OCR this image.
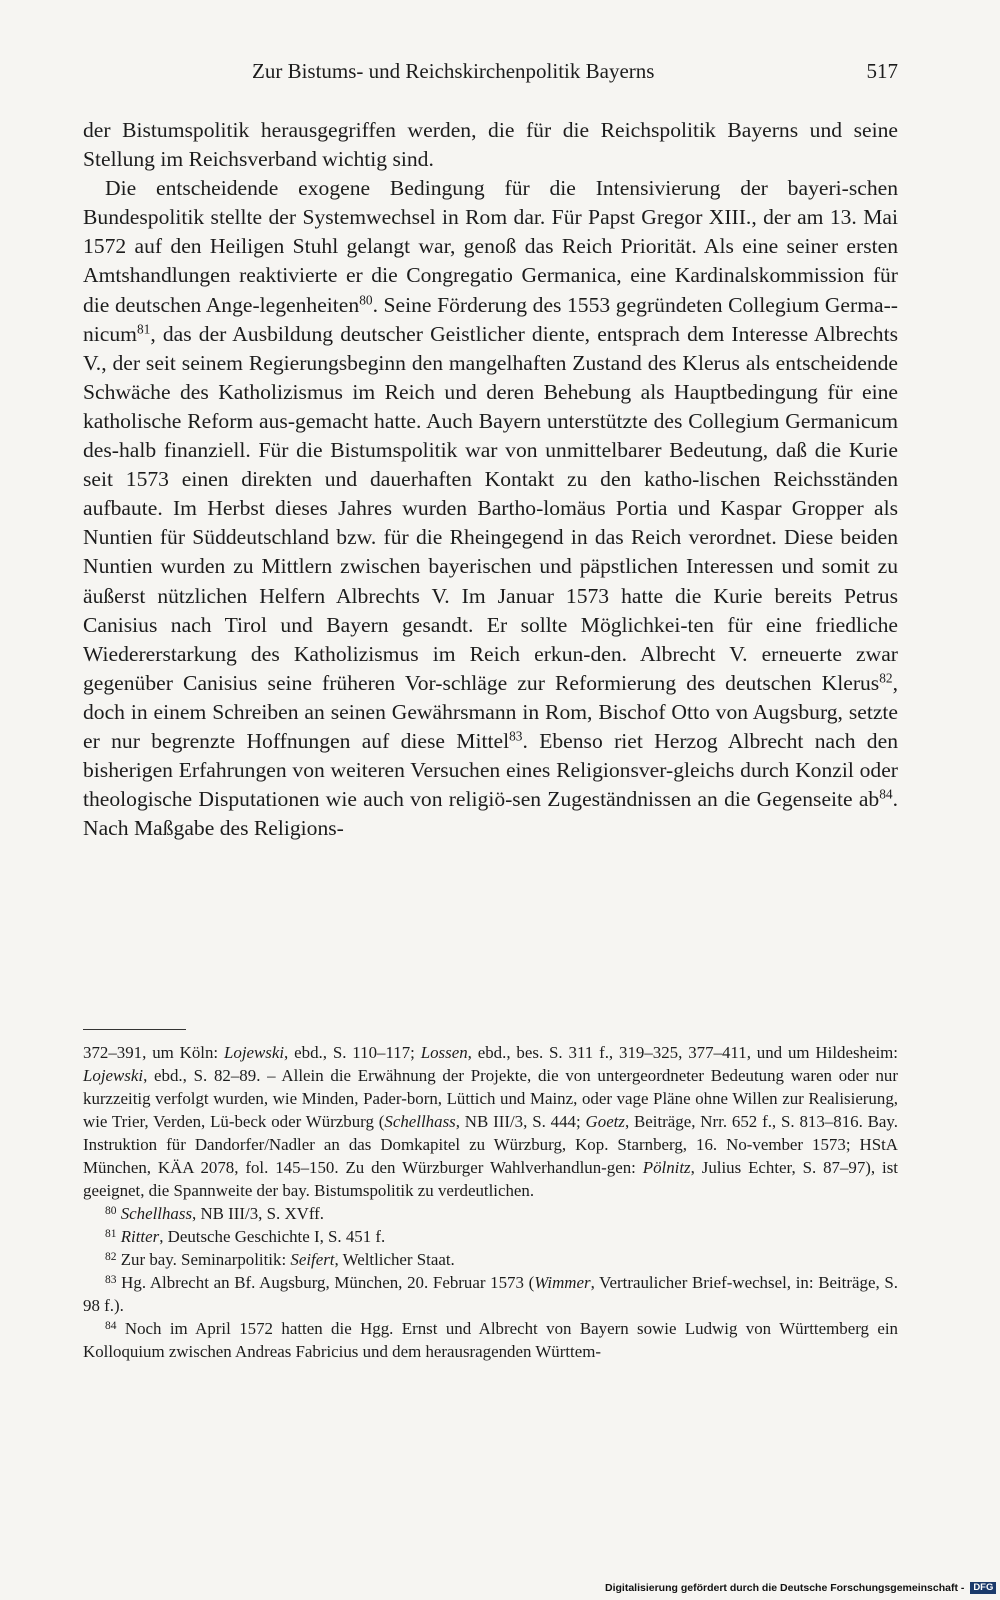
Zur Bistums- und Reichskirchenpolitik Bayerns	517

der Bistumspolitik herausgegriffen werden, die für die Reichspolitik Bayerns und seine Stellung im Reichsverband wichtig sind.

Die entscheidende exogene Bedingung für die Intensivierung der bayeri-schen Bundespolitik stellte der Systemwechsel in Rom dar. Für Papst Gregor XIII., der am 13. Mai 1572 auf den Heiligen Stuhl gelangt war, genoß das Reich Priorität. Als eine seiner ersten Amtshandlungen reaktivierte er die Congregatio Germanica, eine Kardinalskommission für die deutschen Ange-legenheiten$^{80}$. Seine Förderung des 1553 gegründeten Collegium Germa-nicum$^{81}$, das der Ausbildung deutscher Geistlicher diente, entsprach dem Interesse Albrechts V., der seit seinem Regierungsbeginn den mangelhaften Zustand des Klerus als entscheidende Schwäche des Katholizismus im Reich und deren Behebung als Hauptbedingung für eine katholische Reform aus-gemacht hatte. Auch Bayern unterstützte des Collegium Germanicum des-halb finanziell. Für die Bistumspolitik war von unmittelbarer Bedeutung, daß die Kurie seit 1573 einen direkten und dauerhaften Kontakt zu den katho-lischen Reichsständen aufbaute. Im Herbst dieses Jahres wurden Bartho-lomäus Portia und Kaspar Gropper als Nuntien für Süddeutschland bzw. für die Rheingegend in das Reich verordnet. Diese beiden Nuntien wurden zu Mittlern zwischen bayerischen und päpstlichen Interessen und somit zu äußerst nützlichen Helfern Albrechts V. Im Januar 1573 hatte die Kurie bereits Petrus Canisius nach Tirol und Bayern gesandt. Er sollte Möglichkei-ten für eine friedliche Wiedererstarkung des Katholizismus im Reich erkun-den. Albrecht V. erneuerte zwar gegenüber Canisius seine früheren Vor-schläge zur Reformierung des deutschen Klerus$^{82}$, doch in einem Schreiben an seinen Gewährsmann in Rom, Bischof Otto von Augsburg, setzte er nur begrenzte Hoffnungen auf diese Mittel$^{83}$. Ebenso riet Herzog Albrecht nach den bisherigen Erfahrungen von weiteren Versuchen eines Religionsver-gleichs durch Konzil oder theologische Disputationen wie auch von religiö-sen Zugeständnissen an die Gegenseite $ab^{84}$. Nach Maßgabe des Religions-

372–391, um Köln: Lojewski, ebd., S. 110–117; Lossen, ebd., bes. S. 311 f., 319–325, 377–411, und um Hildesheim: Lojewski, ebd., S. 82–89. – Allein die Erwähnung der Projekte, die von untergeordneter Bedeutung waren oder nur kurzzeitig verfolgt wurden, wie Minden, Pader-born, Lüttich und Mainz, oder vage Pläne ohne Willen zur Realisierung, wie Trier, Verden, Lü-beck oder Würzburg (Schellhass, NB III/3, S. 444; Goetz, Beiträge, Nrr. 652 f., S. 813–816. Bay. Instruktion für Dandorfer/Nadler an das Domkapitel zu Würzburg, Kop. Starnberg, 16. No-vember 1573; HStA München, KÄA 2078, fol. 145–150. Zu den Würzburger Wahlverhandlun-gen: Pölnitz, Julius Echter, S. 87–97), ist geeignet, die Spannweite der bay. Bistumspolitik zu verdeutlichen.

$^{80}$ Schellhass, NB III/3, S. XVff.

$^{81}$ Ritter, Deutsche Geschichte I, S. 451 f.

$^{82}$ Zur bay. Seminarpolitik: Seifert, Weltlicher Staat.

$^{83}$ Hg. Albrecht an Bf. Augsburg, München, 20. Februar 1573 (Wimmer, Vertraulicher Brief-wechsel, in: Beiträge, S. 98 f.).

$^{84}$ Noch im April 1572 hatten die Hgg. Ernst und Albrecht von Bayern sowie Ludwig von Württemberg ein Kolloquium zwischen Andreas Fabricius und dem herausragenden Württem-

Digitalisierung gefördert durch die Deutsche Forschungsgemeinschaft - DFG
